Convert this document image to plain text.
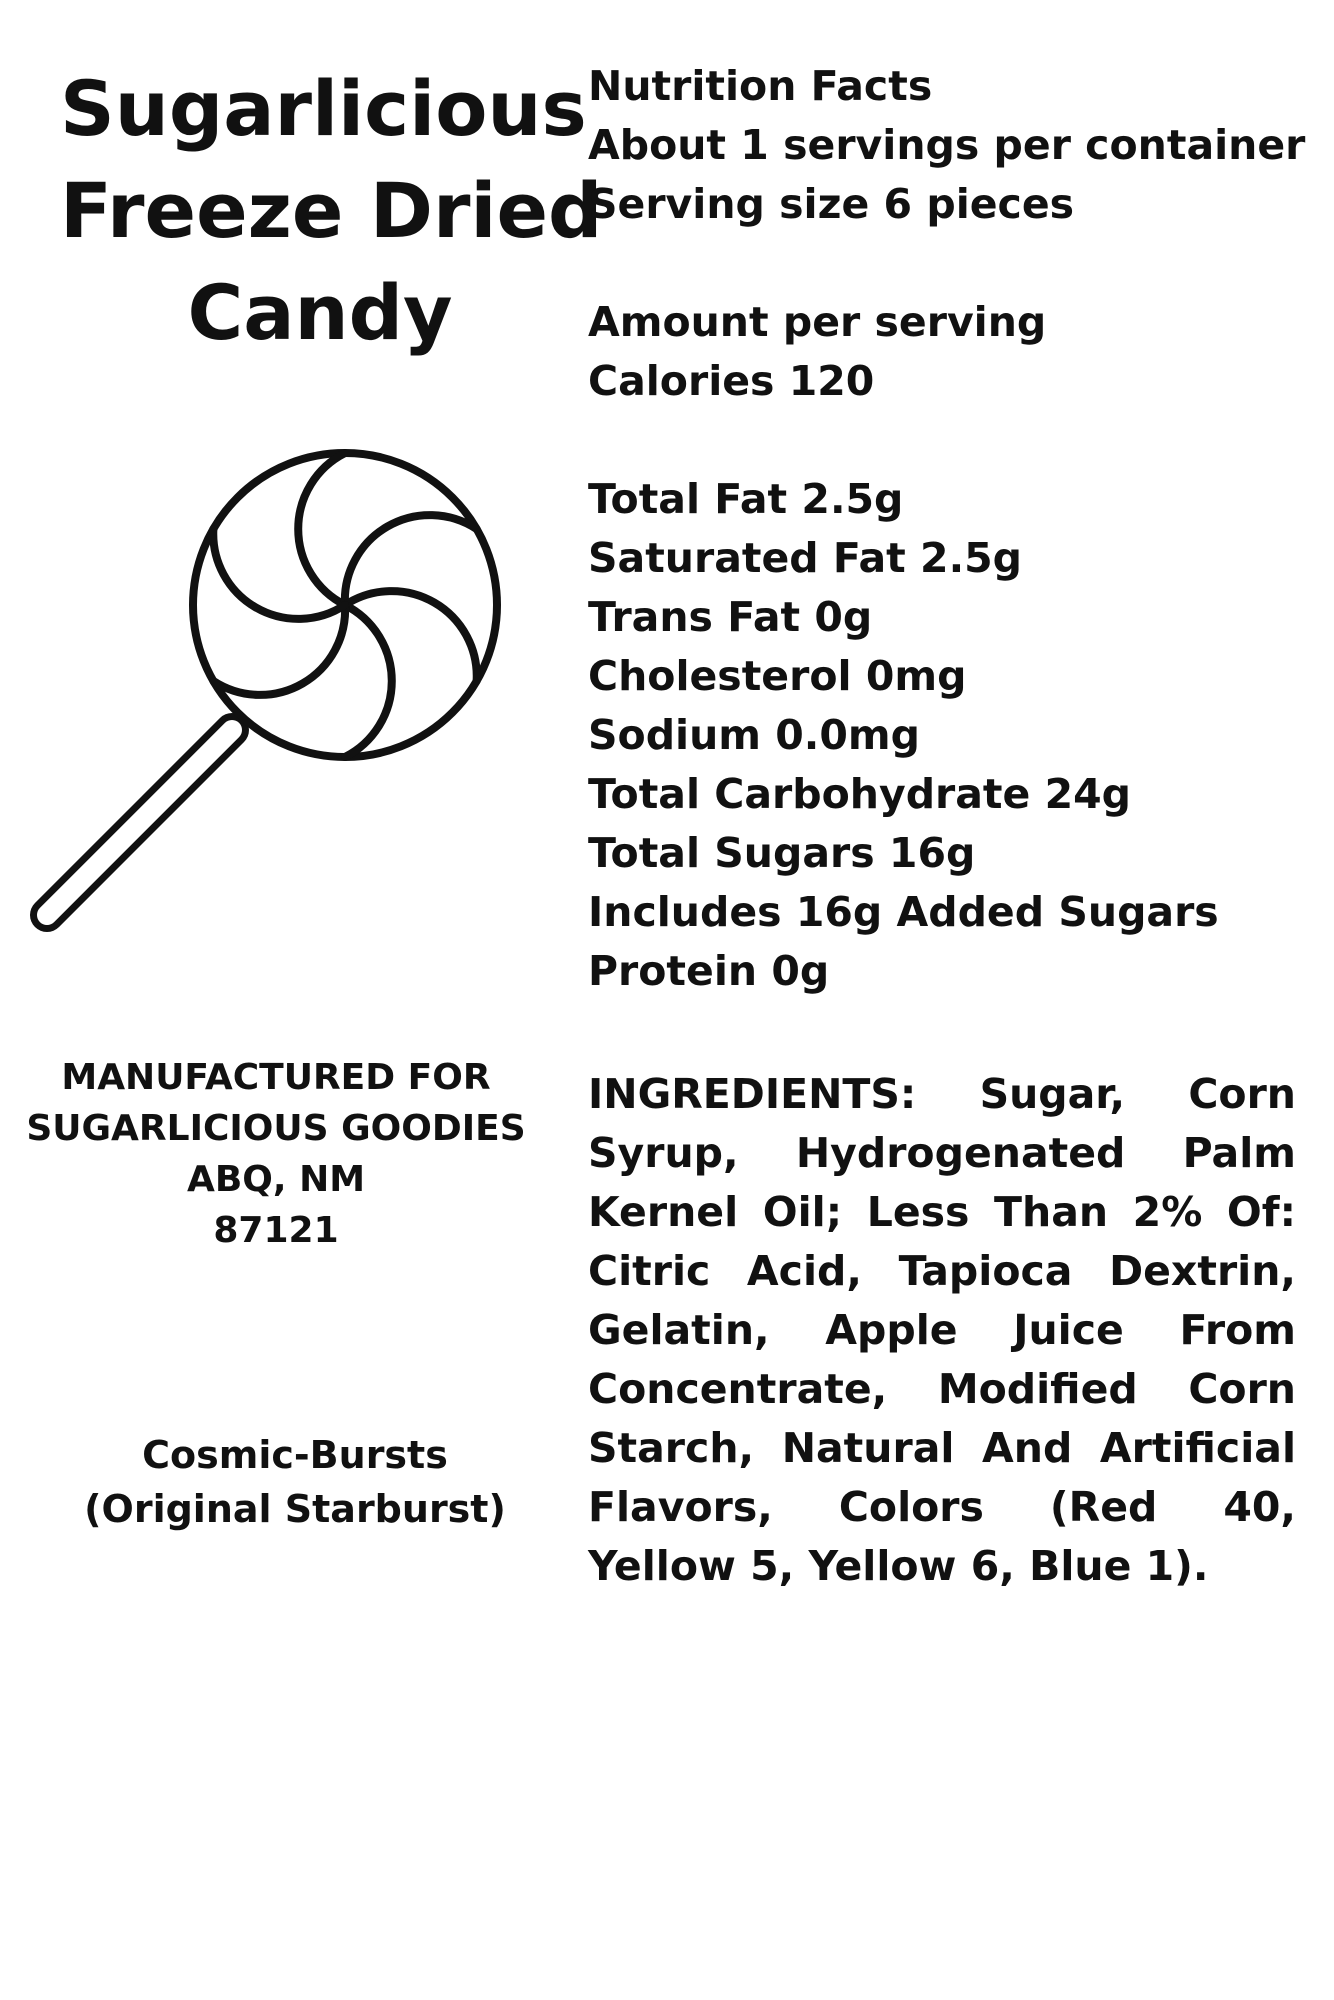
Sugarlicious
Freeze Dried
Candy
MANUFACTURED FOR
SUGARLICIOUS GOODIES
ABQ, NM
87121
Cosmic-Bursts
(Original Starburst)
Nutrition Facts
About 1 servings per container
Serving size 6 pieces
Amount per serving
Calories 120
Total Fat 2.5g
Saturated Fat 2.5g
Trans Fat 0g
Cholesterol 0mg
Sodium 0.0mg
Total Carbohydrate 24g
Total Sugars 16g
Includes 16g Added Sugars
Protein 0g
INGREDIENTS: Sugar, Corn Syrup, Hydrogenated Palm Kernel Oil; Less Than 2% Of: Citric Acid, Tapioca Dextrin, Gelatin, Apple Juice From Concentrate, Modified Corn Starch, Natural And Artificial Flavors, Colors (Red 40, Yellow 5, Yellow 6, Blue 1).
